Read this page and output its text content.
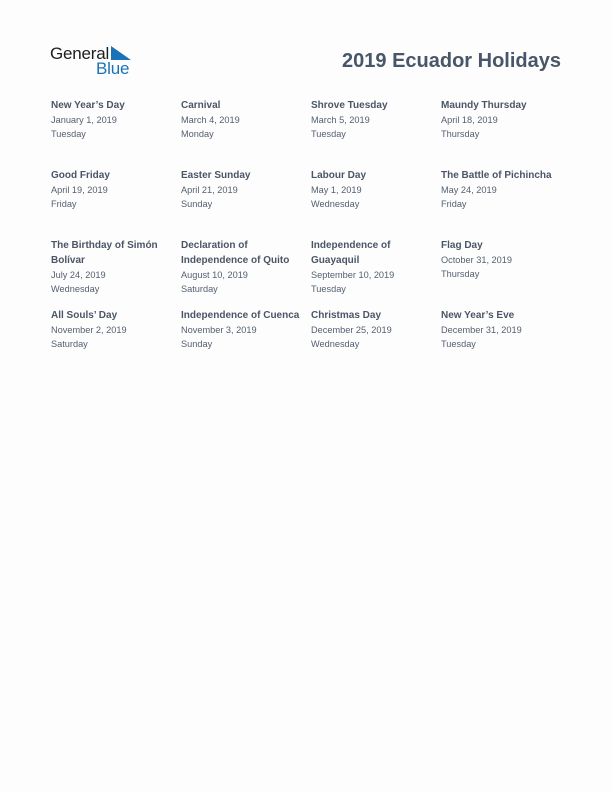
General
Blue	2019 Ecuador Holidays
New Year’s Day
January 1, 2019
Tuesday
Carnival
March 4, 2019
Monday
Shrove Tuesday
March 5, 2019
Tuesday
Maundy Thursday
April 18, 2019
Thursday
Good Friday
April 19, 2019
Friday
Easter Sunday
April 21, 2019
Sunday
Labour Day
May 1, 2019
Wednesday
The Battle of Pichincha
May 24, 2019
Friday
The Birthday of Simón Bolívar
July 24, 2019
Wednesday
Declaration of Independence of Quito
August 10, 2019
Saturday
Independence of Guayaquil
September 10, 2019
Tuesday
Flag Day
October 31, 2019
Thursday
All Souls’ Day
November 2, 2019
Saturday
Independence of Cuenca
November 3, 2019
Sunday
Christmas Day
December 25, 2019
Wednesday
New Year’s Eve
December 31, 2019
Tuesday
